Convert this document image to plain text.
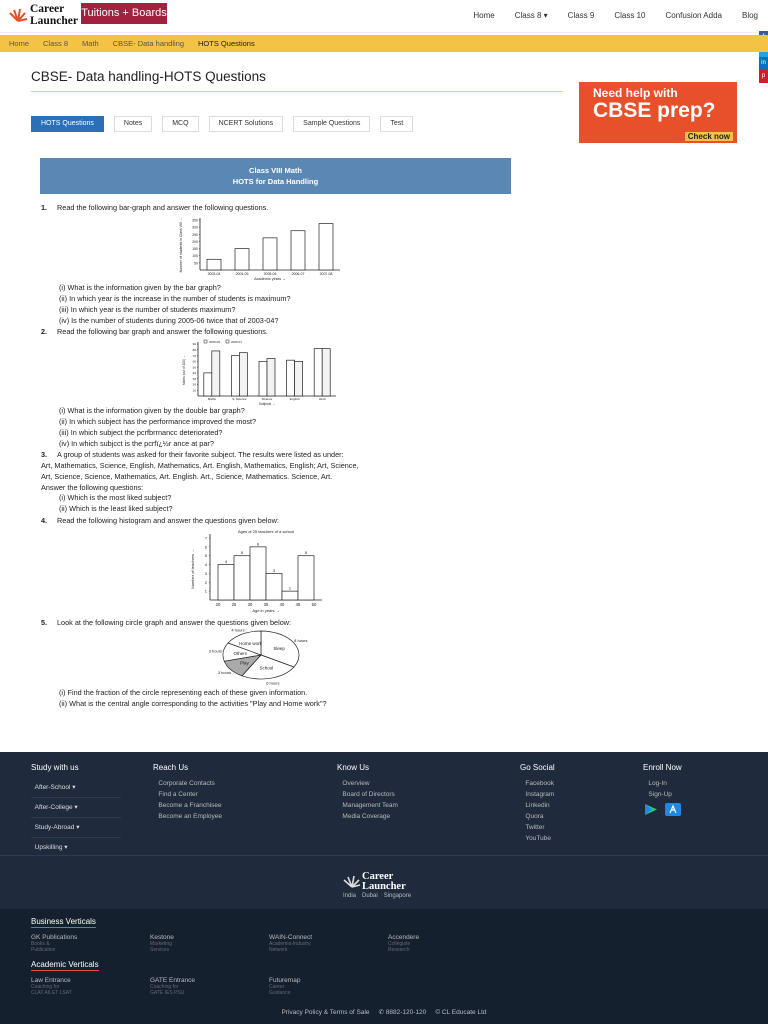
Career
Launcher
Tuitions + Boards	Home	Class 8 ▾	Class 9	Class 10	Confusion Adda	Blog
in
p
Home Class 8 Math CBSE- Data handling HOTS Questions
CBSE- Data handling-HOTS Questions
HOTS Questions	Notes	MCQ	NCERT Solutions	Sample Questions	Test
Need help with
CBSE prep?
Check now
Class VIII Math
HOTS for Data Handling
1. Read the following bar-graph and answer the following questions.
50
100
150
200
250
300
350
2003-04	2004-05	2005-06	2006-07	2007-08
Academic years →
Number of students in Class VIII →
(i) What is the information given by the bar graph?
(ii) In which year is the increase in the number of students is maximum?
(iii) In which year is the number of students maximum?
(iv) Is the number of students during 2005-06 twice that of 2003-04?
2. Read the following bar graph and answer the following questions.
10
20
30
40
50
60
70
80
90
Maths	S. Science	Science	English	Hindi
2005-06	2006-07
Subjects →
Marks (out of 100) →
(i) What is the information given by the double bar graph?
(ii) In which subject has the performance improved the most?
(iii) In which subject the pcrfbrrnancc deteriorated?
(iv) In which subjcct is the pcrfï¿½r ance at par?
3. A group of students was asked for their favorite subject. The results were listed as under:
Art, Mathematics, Science, English, Mathematics, Art. English, Mathematics, English; Art, Science,
Art, Science, Science, Mathematics, Art. English. Art., Science, Mathematics. Science, Art.
Answer the following questions:
(i) Which is the most liked subject?
(ii) Which is the least liked subject?
4. Read the following histogram and answer the questions given below:
1
2
3
4
5
6
7
4
5
6
3
1
5
20	25	30	35	40	45	50
Age in years →
Ages of 25 teachers of a school
Number of teachers →
5. Look at the following circle graph and answer the questions given below:
Sleep
8 hours
School
6 hours
Play
3 hours
Others
3 hours
Home work
4 hours
(i) Find the fraction of the circle representing each of these given information.
(ii) What is the central angle corresponding to the activities "Play and Home work"?
Study with us
After-School ▾
After-College ▾
Study-Abroad ▾
Upskilling ▾
Reach Us
Corporate Contacts
Find a Center
Become a Franchisee
Become an Employee
Know Us
Overview
Board of Directors
Management Team
Media Coverage
Go Social
Facebook
Instagram
Linkedin
Quora
Twitter
YouTube
Enroll Now
Log-In
Sign-Up
Career
Launcher
India Dubai Singapore
Business Verticals
GK Publications
Books &
Publication
Kestone
Marketing
Services
WAIN-Connect
Academia-Industry
Network
Accendere
Collegiate
Research
Academic Verticals
Law Entrance
Coaching for
CLAT AILET LSAT
GATE Entrance
Coaching for
GATE IES PSU
Futuremap
Career
Guidance
Privacy Policy & Terms of Sale ✆ 8882-120-120 © CL Educate Ltd
